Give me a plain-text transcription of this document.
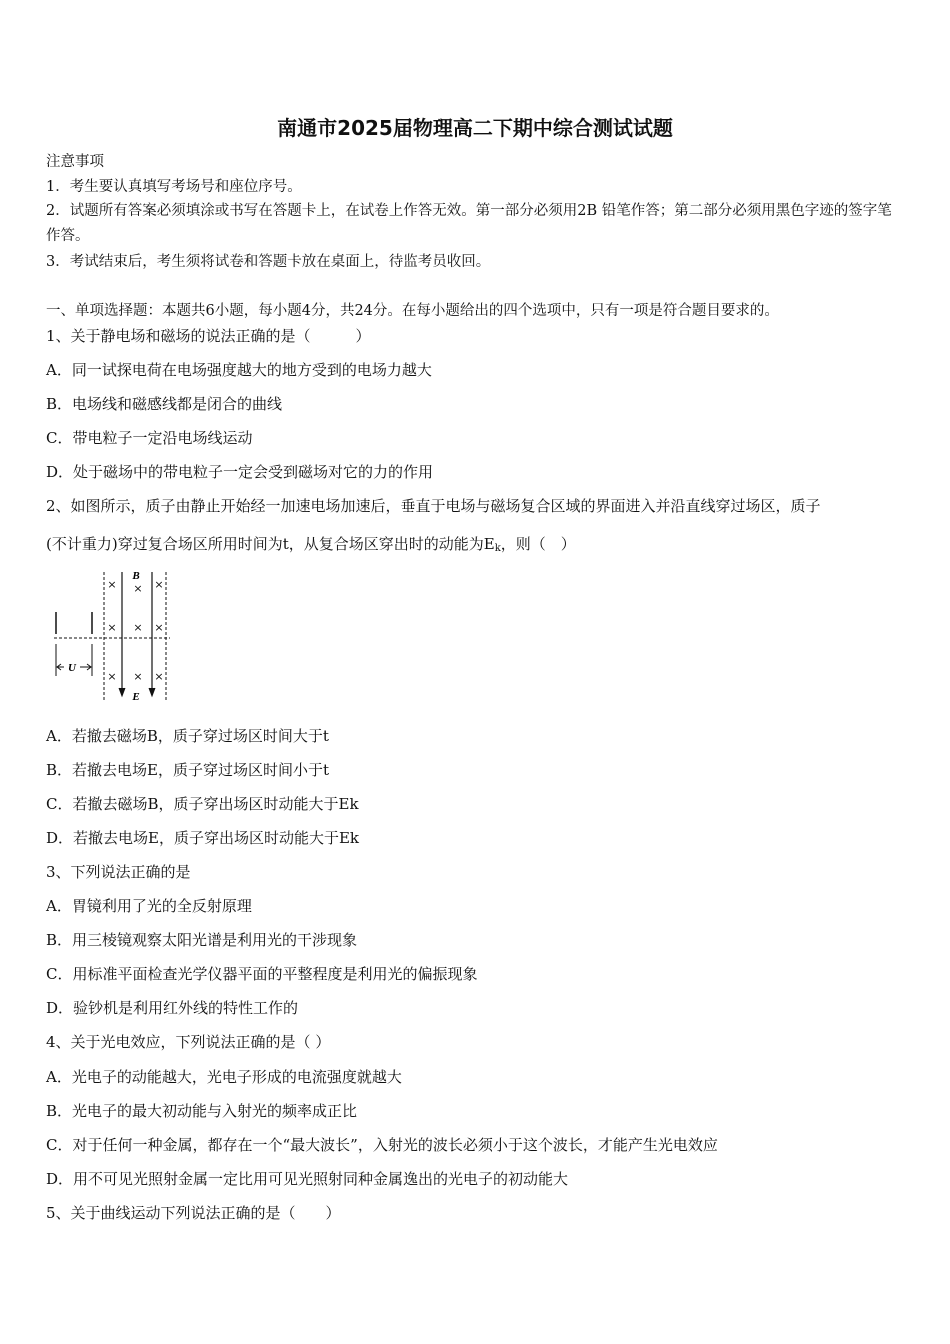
南通市2025届物理高二下期中综合测试试题
注意事项
1．考生要认真填写考场号和座位序号。
2．试题所有答案必须填涂或书写在答题卡上，在试卷上作答无效。第一部分必须用2B 铅笔作答；第二部分必须用黑色字迹的签字笔作答。
3．考试结束后，考生须将试卷和答题卡放在桌面上，待监考员收回。
一、单项选择题：本题共6小题，每小题4分，共24分。在每小题给出的四个选项中，只有一项是符合题目要求的。
1、关于静电场和磁场的说法正确的是（　　　）
A．同一试探电荷在电场强度越大的地方受到的电场力越大
B．电场线和磁感线都是闭合的曲线
C．带电粒子一定沿电场线运动
D．处于磁场中的带电粒子一定会受到磁场对它的力的作用
2、如图所示，质子由静止开始经一加速电场加速后，垂直于电场与磁场复合区域的界面进入并沿直线穿过场区，质子
(不计重力)穿过复合场区所用时间为t，从复合场区穿出时的动能为$E_k$，则（　）
U
B
E
× × ×
× × ×
× × ×
A．若撤去磁场B，质子穿过场区时间大于t
B．若撤去电场E，质子穿过场区时间小于t
C．若撤去磁场B，质子穿出场区时动能大于Ek
D．若撤去电场E，质子穿出场区时动能大于Ek
3、下列说法正确的是
A．胃镜利用了光的全反射原理
B．用三棱镜观察太阳光谱是利用光的干涉现象
C．用标准平面检查光学仪器平面的平整程度是利用光的偏振现象
D．验钞机是利用红外线的特性工作的
4、关于光电效应，下列说法正确的是（ ）
A．光电子的动能越大，光电子形成的电流强度就越大
B．光电子的最大初动能与入射光的频率成正比
C．对于任何一种金属，都存在一个“最大波长”，入射光的波长必须小于这个波长，才能产生光电效应
D．用不可见光照射金属一定比用可见光照射同种金属逸出的光电子的初动能大
5、关于曲线运动下列说法正确的是（　　）
